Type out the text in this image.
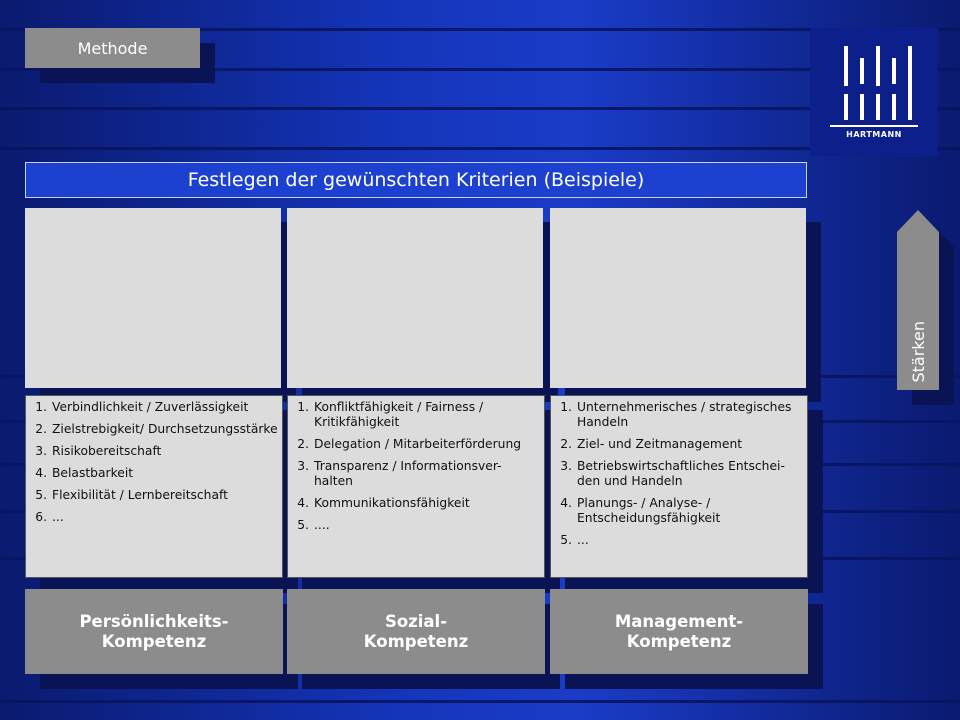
Methode
HARTMANN
Festlegen der gewünschten Kriterien (Beispiele)
1. Verbindlichkeit / Zuverlässigkeit
2. Zielstrebigkeit/ Durchsetzungsstärke
3. Risikobereitschaft
4. Belastbarkeit
5. Flexibilität / Lernbereitschaft
6. ...
1. Konfliktfähigkeit / Fairness / Kritikfähigkeit
2. Delegation / Mitarbeiterförderung
3. Transparenz / Informationsver-halten
4. Kommunikationsfähigkeit
5. ....
1. Unternehmerisches / strategisches Handeln
2. Ziel- und Zeitmanagement
3. Betriebswirtschaftliches Entschei-den und Handeln
4. Planungs- / Analyse- / Entscheidungsfähigkeit
5. ...
Persönlichkeits-
Kompetenz
Sozial-
Kompetenz
Management-
Kompetenz
Stärken
